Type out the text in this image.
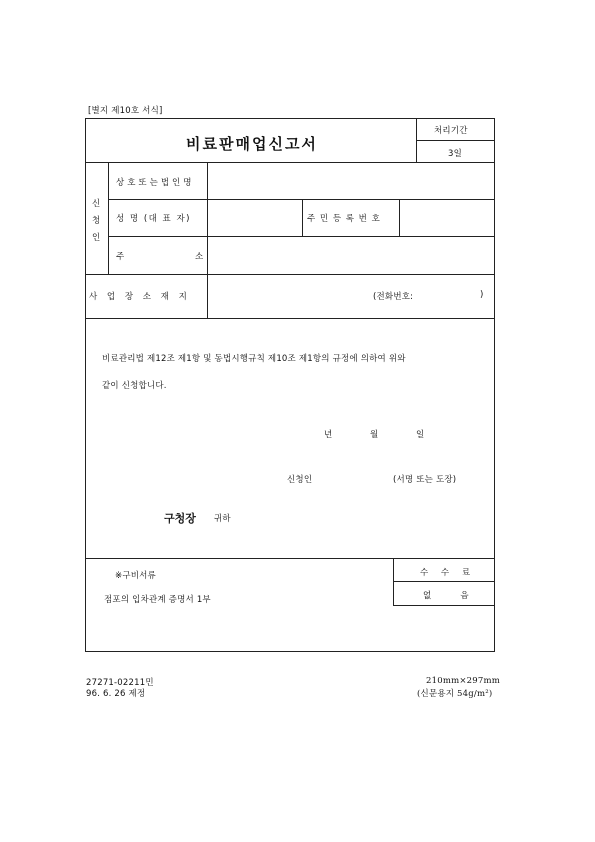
[별지 제10호 서식]
비료판매업신고서
처리기간
3일
신
청
인
상호또는법인명
성 명 (대 표 자)	주 민 등 록 번 호
주	소
사 업 장 소 재 지	(전화번호:	)
비료관리법 제12조 제1항 및 동법시행규칙 제10조 제1항의 규정에 의하여 위와
같이 신청합니다.
년	월	일
신청인	(서명 또는 도장)
구청장 귀하
※구비서류
점포의 입차관계 증명서 1부
수 수 료
없          음
27271-02211민
96. 6. 26 제정
210mm×297mm
(신문용지 54g/m²)
